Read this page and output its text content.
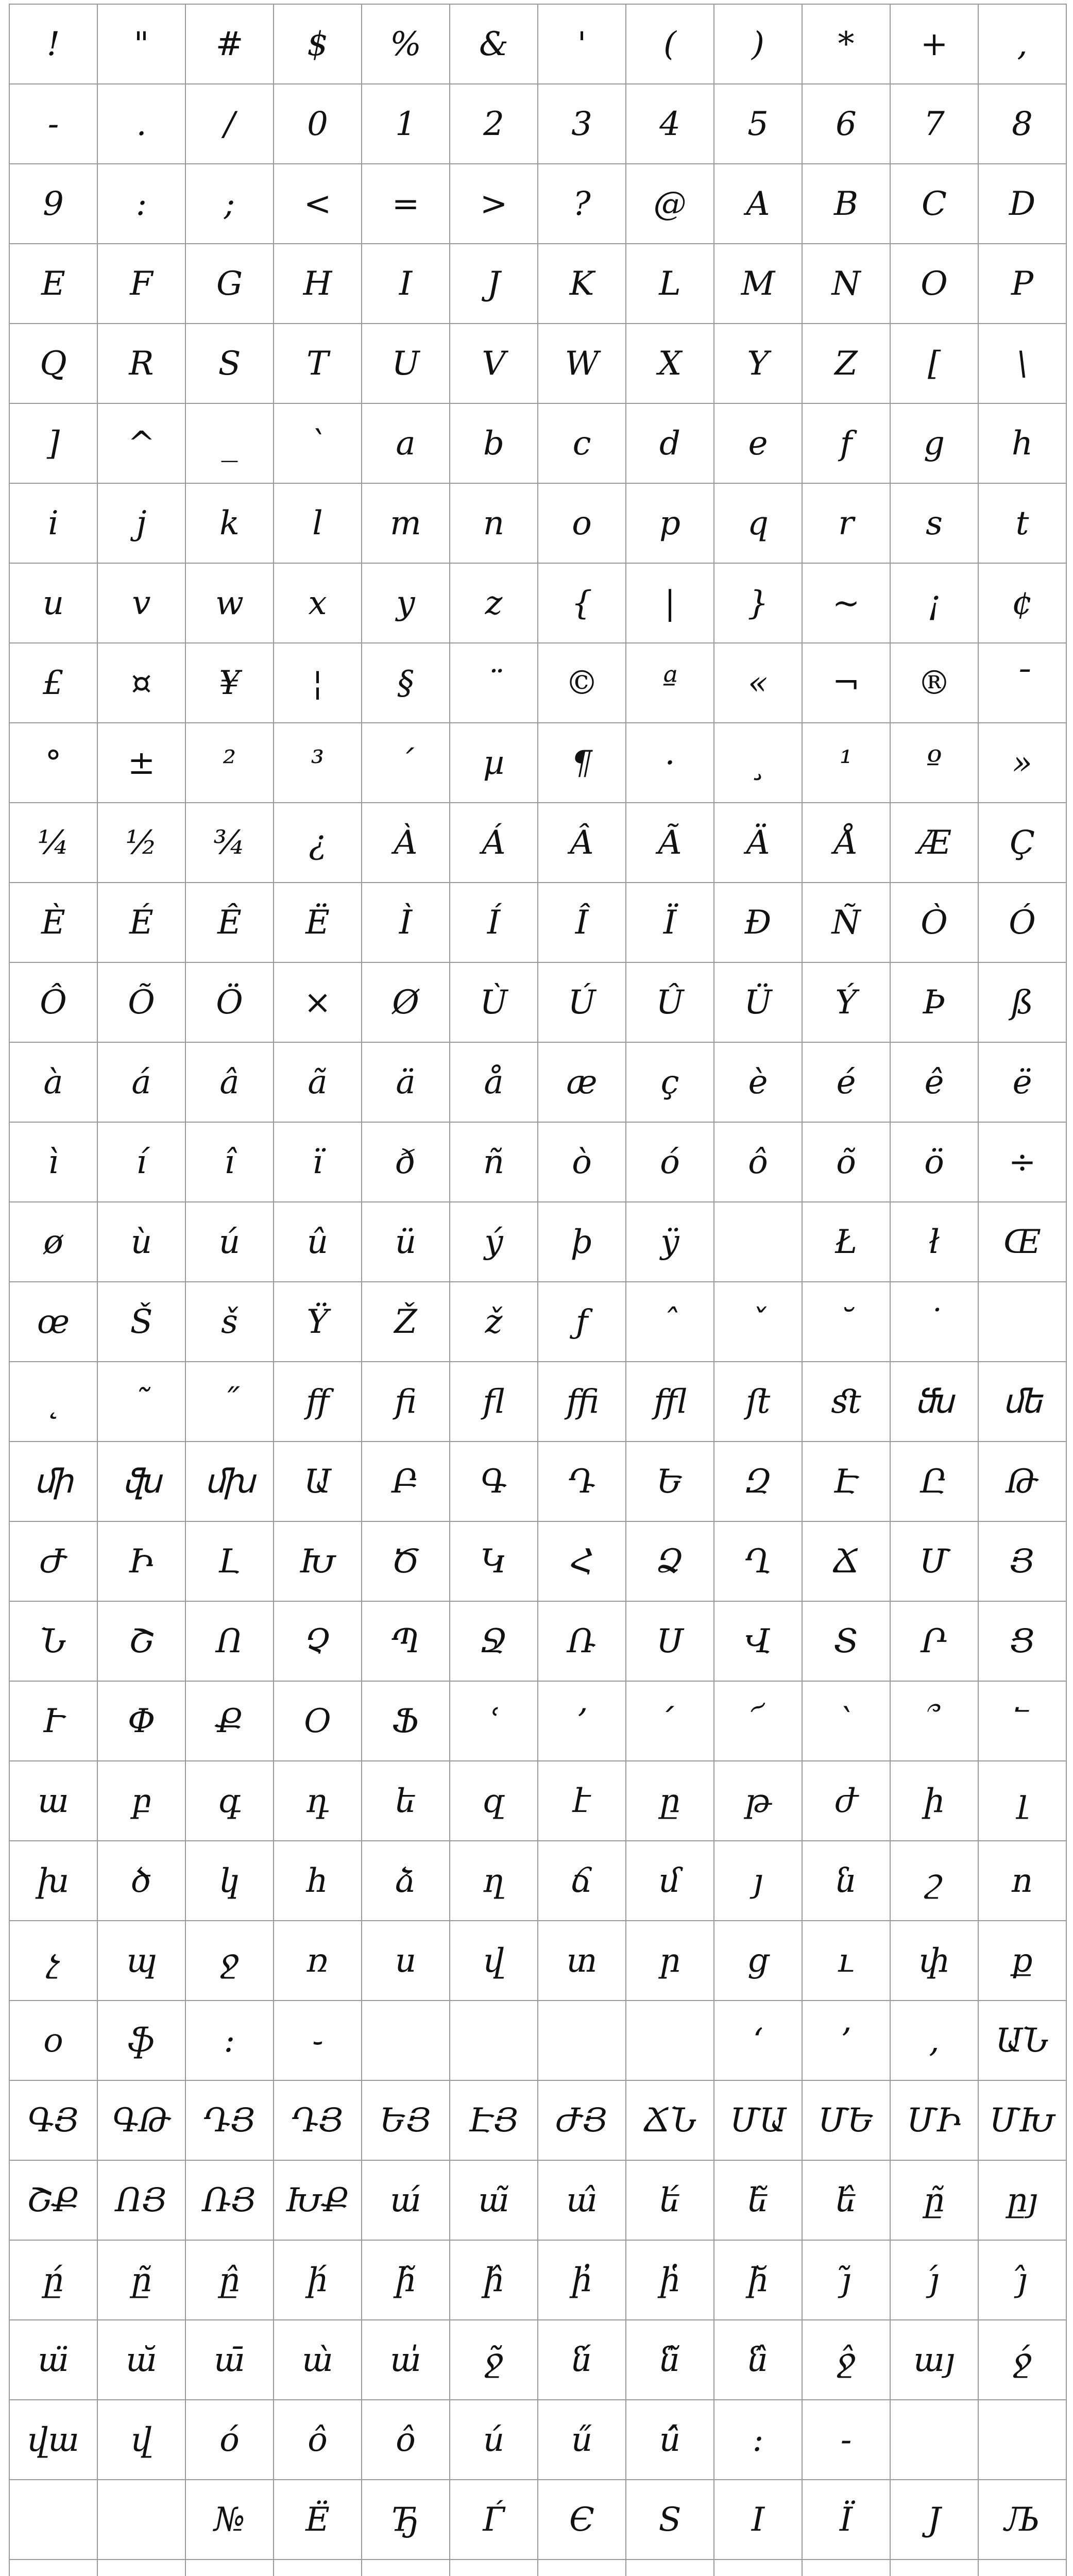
!	"	#	$	%	&	'	(	)	*	+	,
-	.	/	0	1	2	3	4	5	6	7	8
9	:	;	<	=	>	?	@	A	B	C	D
E	F	G	H	I	J	K	L	M	N	O	P
Q	R	S	T	U	V	W	X	Y	Z	[	\
]	^	_	`	a	b	c	d	e	f	g	h
i	j	k	l	m	n	o	p	q	r	s	t
u	v	w	x	y	z	{	|	}	~	¡	¢
£	¤	¥	¦	§	¨	©	ª	«	¬	®	¯
°	±	²	³	´	µ	¶	·	¸	¹	º	»
¼	½	¾	¿	À	Á	Â	Ã	Ä	Å	Æ	Ç
È	É	Ê	Ë	Ì	Í	Î	Ï	Ð	Ñ	Ò	Ó
Ô	Õ	Ö	×	Ø	Ù	Ú	Û	Ü	Ý	Þ	ß
à	á	â	ã	ä	å	æ	ç	è	é	ê	ë
ì	í	î	ï	ð	ñ	ò	ó	ô	õ	ö	÷
ø	ù	ú	û	ü	ý	þ	ÿ		Ł	ł	Œ
œ	Š	š	Ÿ	Ž	ž	ƒ	ˆ	ˇ	˘	˙	
˛	˜	˝	ﬀ	ﬁ	ﬂ	ﬃ	ﬄ	ﬅ	ﬆ	ﬓ	ﬔ
ﬕ	ﬖ	ﬗ	Ա	Բ	Գ	Դ	Ե	Զ	Է	Ը	Թ
Ժ	Ի	Լ	Խ	Ծ	Կ	Հ	Ձ	Ղ	Ճ	Մ	Յ
Ն	Շ	Ո	Չ	Պ	Ջ	Ռ	Ս	Վ	Տ	Ր	Ց
Ւ	Փ	Ք	Օ	Ֆ	ՙ	՚	՛	՜	՝	՞	՟
ա	բ	գ	դ	ե	զ	է	ը	թ	ժ	ի	լ
խ	ծ	կ	հ	ձ	ղ	ճ	մ	յ	ն	շ	ո
չ	պ	ջ	ռ	ս	վ	տ	ր	ց	ւ	փ	ք
օ	ֆ	։	֊					‘	’	,	ԱՆ
ԳՅ	ԳԹ	ԴՅ	ԴՅ	ԵՅ	ԷՅ	ԺՅ	ՃՆ	ՄԱ	ՄԵ	ՄԻ	ՄԽ
ՇՔ	ՈՅ	ՌՅ	ԽՔ	ա́	ա̃	ա̂	ե́	ե̃	ե̂	ը̃	ըյ
ը́	ը̃	ը̂	ի́	ի̃	ի̂	ի̓	ի̔	ի̆	յ̃	յ́	յ̂
ա̈	ա̆	ա̄	ա̀	ա̍	ջ̃	ն́	ն̃	ն̂	ջ̂	այ	ջ́
վա	վ	ó	ô	ô	ú	ű	ú̂	:	-		
		№	Ё	Ђ	Ѓ	Є	Ѕ	І	Ї	Ј	Љ
